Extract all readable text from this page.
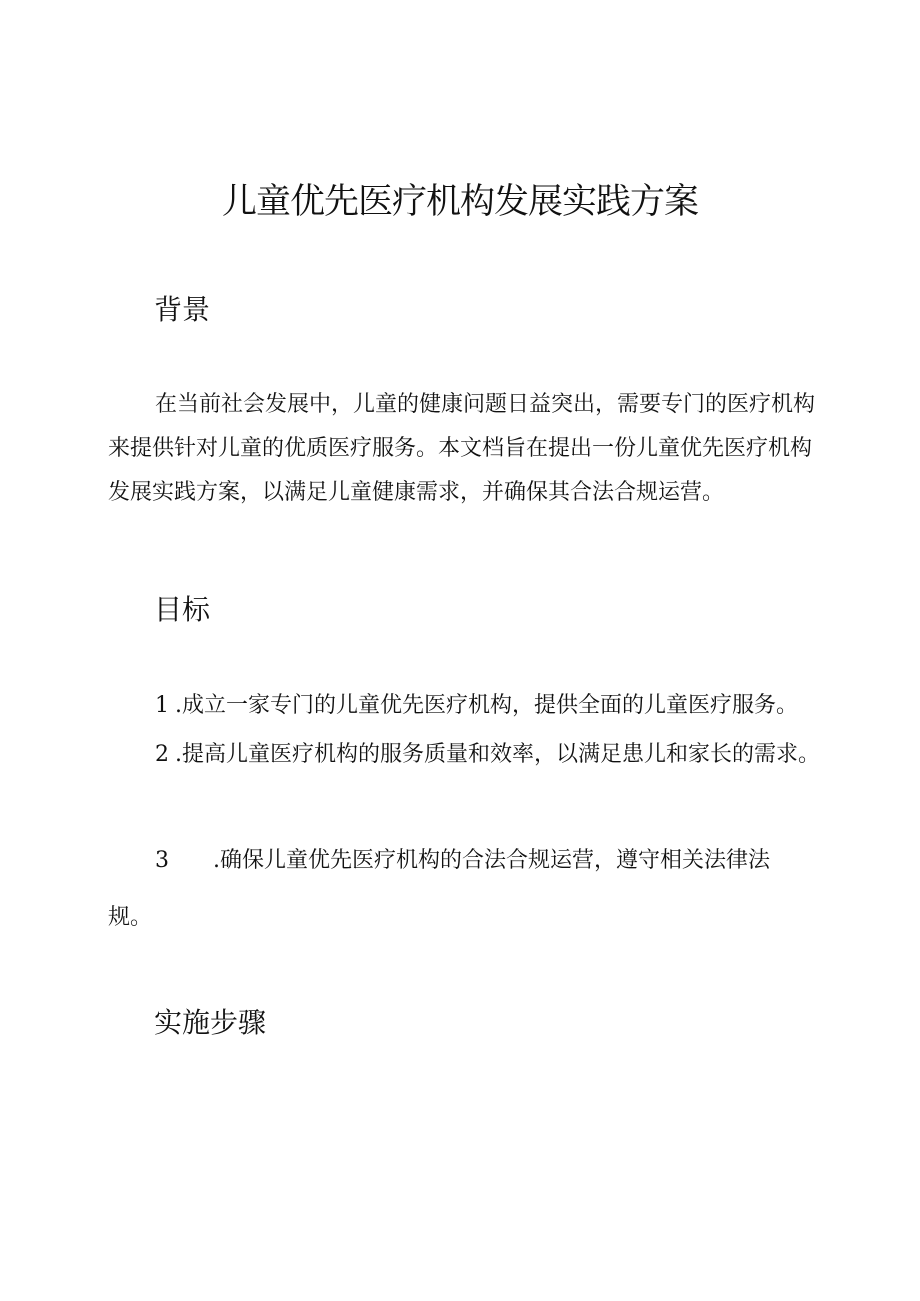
儿童优先医疗机构发展实践方案
背景

在当前社会发展中，儿童的健康问题日益突出，需要专门的医疗机构来提供针对儿童的优质医疗服务。本文档旨在提出一份儿童优先医疗机构发展实践方案，以满足儿童健康需求，并确保其合法合规运营。

目标

1 .成立一家专门的儿童优先医疗机构，提供全面的儿童医疗服务。

2 .提高儿童医疗机构的服务质量和效率，以满足患儿和家长的需求。

3 .确保儿童优先医疗机构的合法合规运营，遵守相关法律法规。

实施步骤
